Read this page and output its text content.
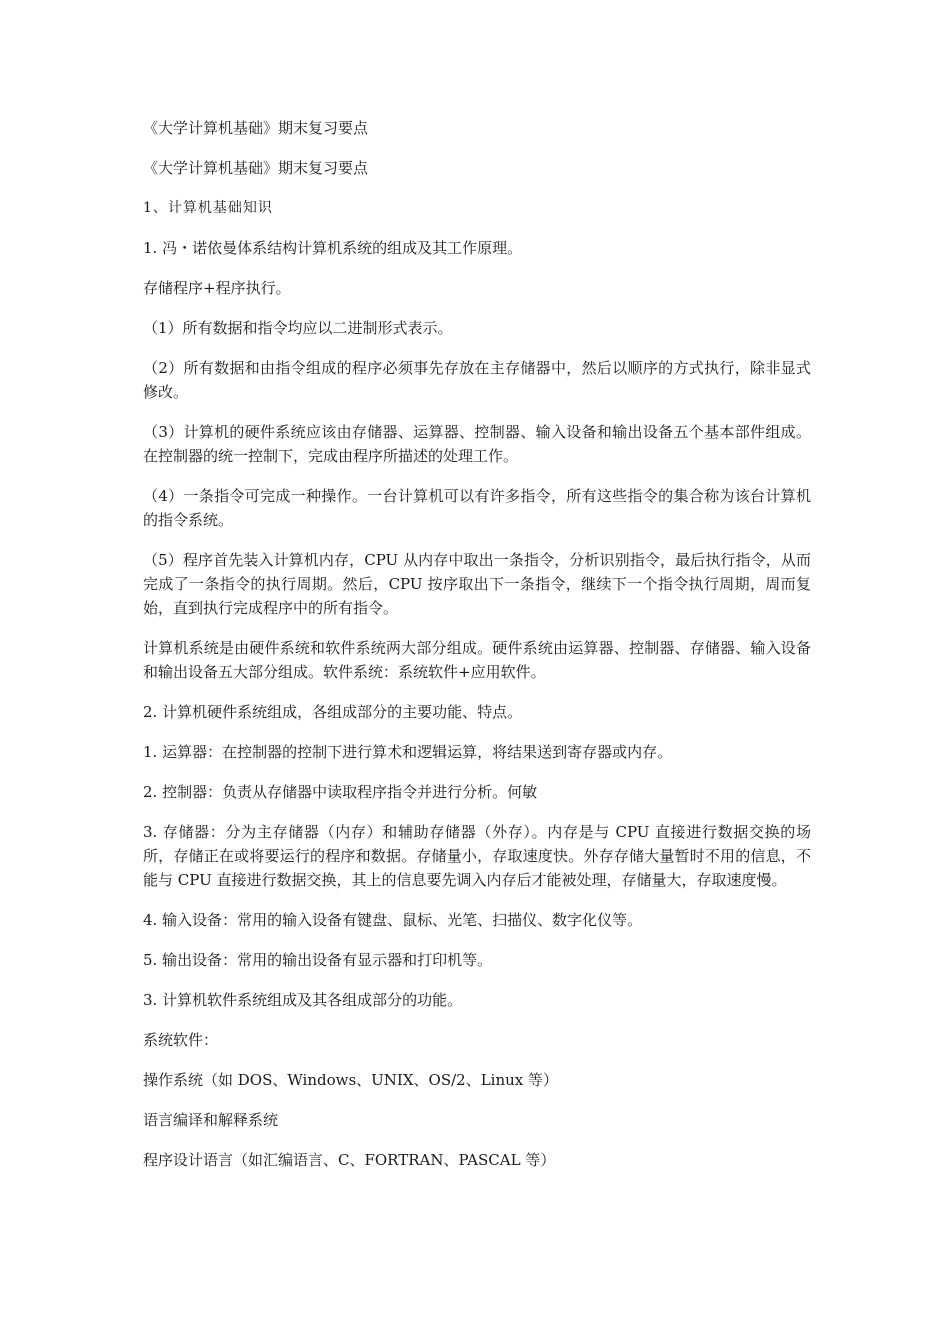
《大学计算机基础》期末复习要点

《大学计算机基础》期末复习要点

1、计算机基础知识

1. 冯・诺依曼体系结构计算机系统的组成及其工作原理。

存储程序+程序执行。

（1）所有数据和指令均应以二进制形式表示。

（2）所有数据和由指令组成的程序必须事先存放在主存储器中，然后以顺序的方式执行，除非显式修改。

（3）计算机的硬件系统应该由存储器、运算器、控制器、输入设备和输出设备五个基本部件组成。在控制器的统一控制下，完成由程序所描述的处理工作。

（4）一条指令可完成一种操作。一台计算机可以有许多指令，所有这些指令的集合称为该台计算机的指令系统。

（5）程序首先装入计算机内存，CPU 从内存中取出一条指令，分析识别指令，最后执行指令，从而完成了一条指令的执行周期。然后，CPU 按序取出下一条指令，继续下一个指令执行周期，周而复始，直到执行完成程序中的所有指令。

计算机系统是由硬件系统和软件系统两大部分组成。硬件系统由运算器、控制器、存储器、输入设备和输出设备五大部分组成。软件系统：系统软件+应用软件。

2. 计算机硬件系统组成，各组成部分的主要功能、特点。

1. 运算器：在控制器的控制下进行算术和逻辑运算，将结果送到寄存器或内存。

2. 控制器：负责从存储器中读取程序指令并进行分析。何敏

3. 存储器：分为主存储器（内存）和辅助存储器（外存）。内存是与 CPU 直接进行数据交换的场所，存储正在或将要运行的程序和数据。存储量小，存取速度快。外存存储大量暂时不用的信息，不能与 CPU 直接进行数据交换，其上的信息要先调入内存后才能被处理，存储量大，存取速度慢。

4. 输入设备：常用的输入设备有键盘、鼠标、光笔、扫描仪、数字化仪等。

5. 输出设备：常用的输出设备有显示器和打印机等。

3. 计算机软件系统组成及其各组成部分的功能。

系统软件：

操作系统（如 DOS、Windows、UNIX、OS/2、Linux 等）

语言编译和解释系统

程序设计语言（如汇编语言、C、FORTRAN、PASCAL 等）
